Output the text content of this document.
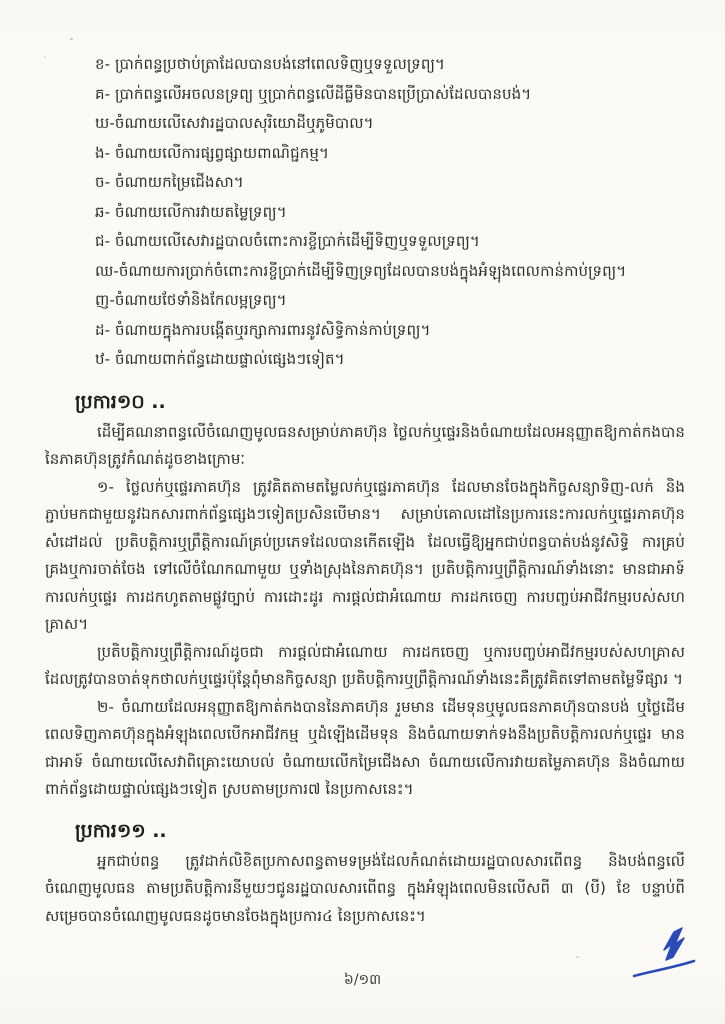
ខ- ប្រាក់ពន្ធប្រថាប់ត្រាដែលបានបង់នៅពេលទិញឬទទួលទ្រព្យ។
គ- ប្រាក់ពន្ធលើអចលនទ្រព្យ ឬប្រាក់ពន្ធលើដីធ្លីមិនបានប្រើប្រាស់ដែលបានបង់។
ឃ-ចំណាយលើសេវារដ្ឋបាលសុរិយោដីឬភូមិបាល។
ង- ចំណាយលើការផ្សព្វផ្សាយពាណិជ្ជកម្ម។
ច- ចំណាយកម្រៃជើងសា។
ឆ- ចំណាយលើការវាយតម្លៃទ្រព្យ។
ជ- ចំណាយលើសេវារដ្ឋបាលចំពោះការខ្ចីប្រាក់ដើម្បីទិញឬទទួលទ្រព្យ។
ឈ-ចំណាយការប្រាក់ចំពោះការខ្ចីប្រាក់ដើម្បីទិញទ្រព្យដែលបានបង់ក្នុងអំឡុងពេលកាន់កាប់ទ្រព្យ។
ញ-ចំណាយថែទាំនិងកែលម្អទ្រព្យ។
ដ- ចំណាយក្នុងការបង្កើតឬរក្សាការពារនូវសិទ្ធិកាន់កាប់ទ្រព្យ។
ឋ- ចំណាយពាក់ព័ន្ធដោយផ្ទាល់ផ្សេងៗទៀត។
ប្រការ១០ ..

ដើម្បីគណនាពន្ធលើចំណេញមូលធនសម្រាប់ភាគហ៊ុន ថ្លៃលក់ឬផ្ទេរនិងចំណាយដែលអនុញ្ញាតឱ្យកាត់កងបាននៃភាគហ៊ុនត្រូវកំណត់ដូចខាងក្រោមៈ

១- ថ្លៃលក់ឬផ្ទេរភាគហ៊ុន ត្រូវគិតតាមតម្លៃលក់ឬផ្ទេរភាគហ៊ុន ដែលមានចែងក្នុងកិច្ចសន្យាទិញ-លក់ និងភ្ជាប់មកជាមួយនូវឯកសារពាក់ព័ន្ធផ្សេងៗទៀតប្រសិនបើមាន។ សម្រាប់គោលដៅនៃប្រការនេះការលក់ឬផ្ទេរភាគហ៊ុន សំដៅដល់ ប្រតិបត្តិការឬព្រឹត្តិការណ៍គ្រប់ប្រភេទដែលបានកើតឡើង ដែលធ្វើឱ្យអ្នកជាប់ពន្ធបាត់បង់នូវសិទ្ធិ ការគ្រប់គ្រងឬការចាត់ចែង ទៅលើចំណែកណាមួយ ឬទាំងស្រុងនៃភាគហ៊ុន។ ប្រតិបត្តិការឬព្រឹត្តិការណ៍ទាំងនោះ មានជាអាទ៍ ការលក់ឬផ្ទេរ ការដកហូតតាមផ្លូវច្បាប់ ការដោះដូរ ការផ្តល់ជាអំណោយ ការដកចេញ ការបញ្ចប់អាជីវកម្មរបស់សហគ្រាស។

ប្រតិបត្តិការឬព្រឹត្តិការណ៍ដូចជា ការផ្តល់ជាអំណោយ ការដកចេញ ឬការបញ្ចប់អាជីវកម្មរបស់សហគ្រាស ដែលត្រូវបានចាត់ទុកថាលក់ឬផ្ទេរប៉ុន្តែពុំមានកិច្ចសន្យា ប្រតិបត្តិការឬព្រឹត្តិការណ៍ទាំងនេះគឺត្រូវគិតទៅតាមតម្លៃទីផ្សារ ។

២- ចំណាយដែលអនុញ្ញាតឱ្យកាត់កងបាននៃភាគហ៊ុន រួមមាន ដើមទុនឬមូលធនភាគហ៊ុនបានបង់ ឬថ្លៃដើមពេលទិញភាគហ៊ុនក្នុងអំឡុងពេលបើកអាជីវកម្ម ឬដំឡើងដើមទុន និងចំណាយទាក់ទងនឹងប្រតិបត្តិការលក់ឬផ្ទេរ មានជាអាទ៍ ចំណាយលើសេវាពិគ្រោះយោបល់ ចំណាយលើកម្រៃជើងសា ចំណាយលើការវាយតម្លៃភាគហ៊ុន និងចំណាយពាក់ព័ន្ធដោយផ្ទាល់ផ្សេងៗទៀត ស្របតាមប្រការ៧ នៃប្រកាសនេះ។

ប្រការ១១ ..

អ្នកជាប់ពន្ធ ត្រូវដាក់លិខិតប្រកាសពន្ធតាមទម្រង់ដែលកំណត់ដោយរដ្ឋបាលសារពើពន្ធ និងបង់ពន្ធលើចំណេញមូលធន តាមប្រតិបត្តិការនីមួយៗជូនរដ្ឋបាលសារពើពន្ធ ក្នុងអំឡុងពេលមិនលើសពី ៣ (បី) ខែ បន្ទាប់ពីសម្រេចបានចំណេញមូលធនដូចមានចែងក្នុងប្រការ៤ នៃប្រកាសនេះ។

៦/១៣
